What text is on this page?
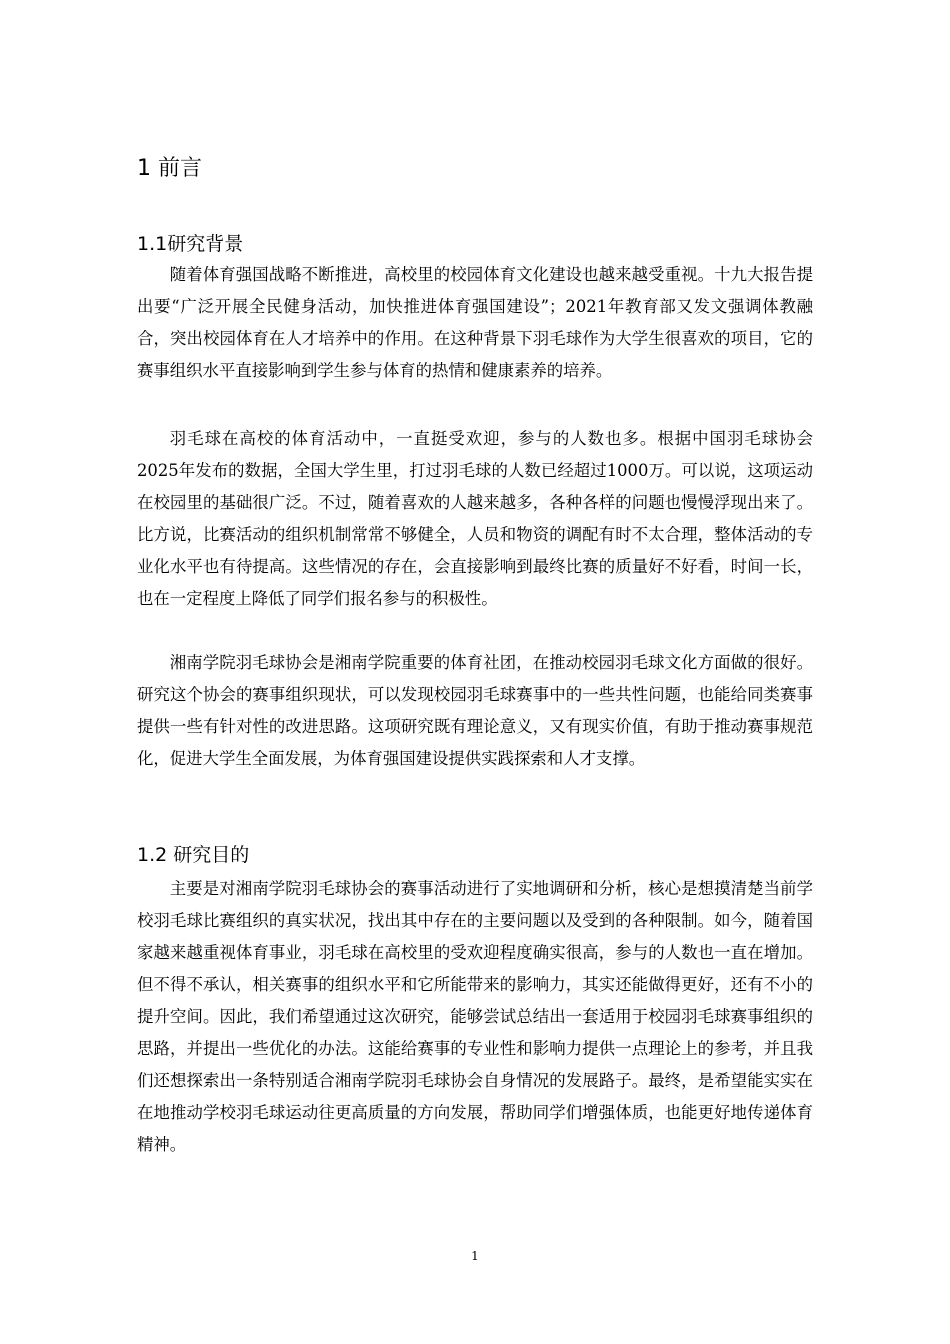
1 前言
1.1研究背景

随着体育强国战略不断推进，高校里的校园体育文化建设也越来越受重视。十九大报告提出要“广泛开展全民健身活动，加快推进体育强国建设”；2021年教育部又发文强调体教融合，突出校园体育在人才培养中的作用。在这种背景下羽毛球作为大学生很喜欢的项目，它的赛事组织水平直接影响到学生参与体育的热情和健康素养的培养。

羽毛球在高校的体育活动中，一直挺受欢迎，参与的人数也多。根据中国羽毛球协会2025年发布的数据，全国大学生里，打过羽毛球的人数已经超过1000万。可以说，这项运动在校园里的基础很广泛。不过，随着喜欢的人越来越多，各种各样的问题也慢慢浮现出来了。比方说，比赛活动的组织机制常常不够健全，人员和物资的调配有时不太合理，整体活动的专业化水平也有待提高。这些情况的存在，会直接影响到最终比赛的质量好不好看，时间一长，也在一定程度上降低了同学们报名参与的积极性。

湘南学院羽毛球协会是湘南学院重要的体育社团，在推动校园羽毛球文化方面做的很好。研究这个协会的赛事组织现状，可以发现校园羽毛球赛事中的一些共性问题，也能给同类赛事提供一些有针对性的改进思路。这项研究既有理论意义，又有现实价值，有助于推动赛事规范化，促进大学生全面发展，为体育强国建设提供实践探索和人才支撑。

1.2 研究目的

主要是对湘南学院羽毛球协会的赛事活动进行了实地调研和分析，核心是想摸清楚当前学校羽毛球比赛组织的真实状况，找出其中存在的主要问题以及受到的各种限制。如今，随着国家越来越重视体育事业，羽毛球在高校里的受欢迎程度确实很高，参与的人数也一直在增加。但不得不承认，相关赛事的组织水平和它所能带来的影响力，其实还能做得更好，还有不小的提升空间。因此，我们希望通过这次研究，能够尝试总结出一套适用于校园羽毛球赛事组织的思路，并提出一些优化的办法。这能给赛事的专业性和影响力提供一点理论上的参考，并且我们还想探索出一条特别适合湘南学院羽毛球协会自身情况的发展路子。最终，是希望能实实在在地推动学校羽毛球运动往更高质量的方向发展，帮助同学们增强体质，也能更好地传递体育精神。

1
